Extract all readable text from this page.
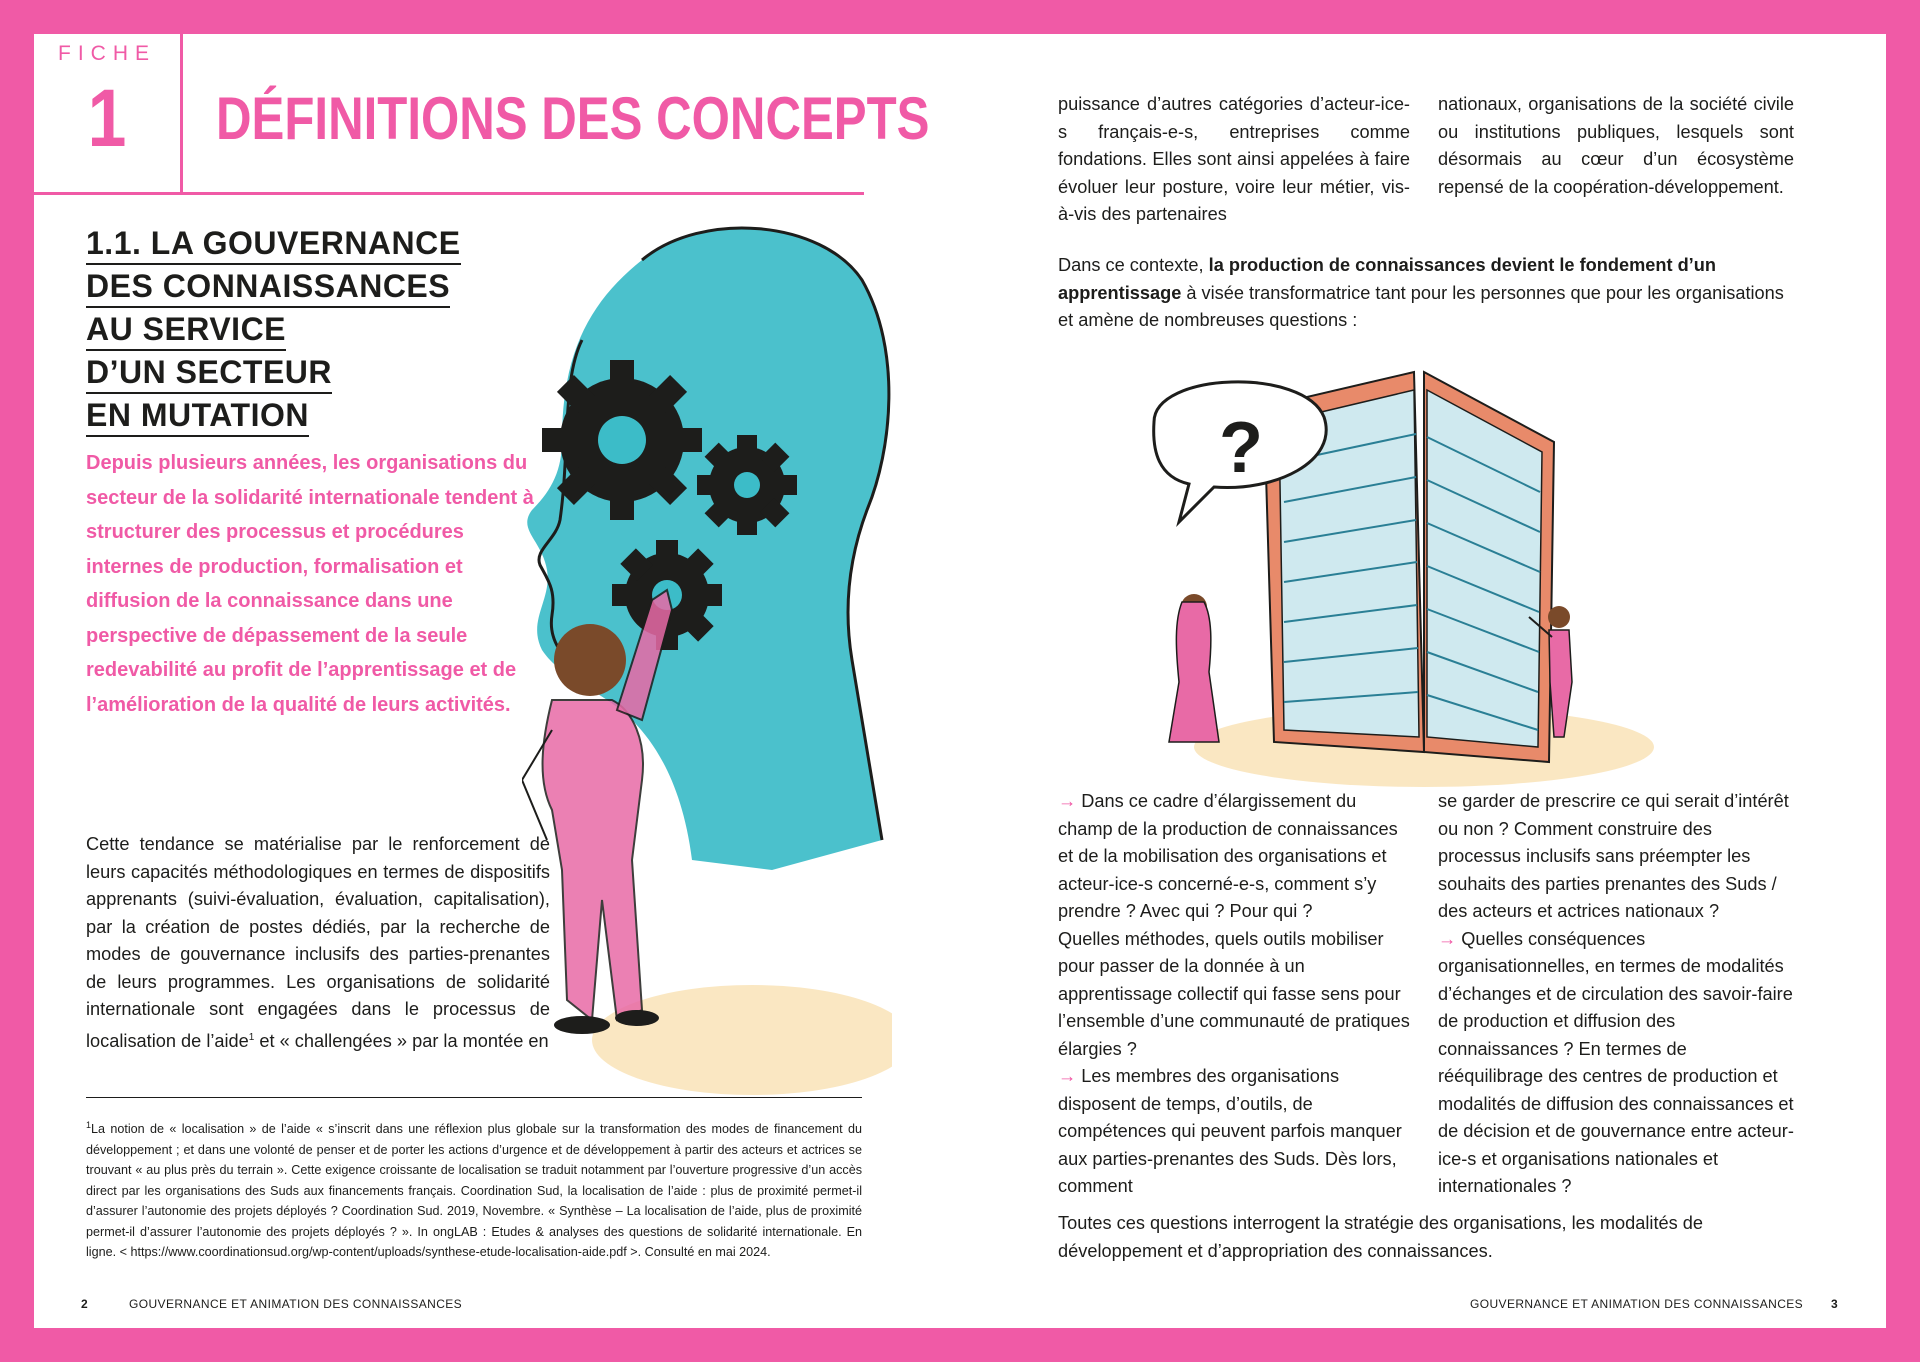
FICHE
1	DÉFINITIONS DES CONCEPTS
1.1. LA GOUVERNANCE
DES CONNAISSANCES
AU SERVICE
D’UN SECTEUR
EN MUTATION
Depuis plusieurs années, les organisations du secteur de la solidarité internationale tendent à structurer des processus et procédures internes de production, formalisation et diffusion de la connaissance dans une perspective de dépassement de la seule redevabilité au profit de l’apprentissage et de l’amélioration de la qualité de leurs activités.
Cette tendance se matérialise par le renforcement de leurs capacités méthodologiques en termes de dispositifs apprenants (suivi-évaluation, évaluation, capitalisation), par la création de postes dédiés, par la recherche de modes de gouvernance inclusifs des parties-prenantes de leurs programmes. Les organisations de solidarité internationale sont engagées dans le processus de localisation de l’aide$^1$ et « challengées » par la montée en
$^1$La notion de « localisation » de l’aide « s’inscrit dans une réflexion plus globale sur la transformation des modes de financement du développement ; et dans une volonté de penser et de porter les actions d’urgence et de développement à partir des acteurs et actrices se trouvant « au plus près du terrain ». Cette exigence croissante de localisation se traduit notamment par l’ouverture progressive d’un accès direct par les organisations des Suds aux financements français. Coordination Sud, la localisation de l’aide : plus de proximité permet-il d’assurer l’autonomie des projets déployés ? Coordination Sud. 2019, Novembre. « Synthèse – La localisation de l’aide, plus de proximité permet-il d’assurer l’autonomie des projets déployés ? ». In ongLAB : Etudes & analyses des questions de solidarité internationale. En ligne. < https://www.coordinationsud.org/wp-content/uploads/synthese-etude-localisation-aide.pdf >. Consulté en mai 2024.
2	GOUVERNANCE ET ANIMATION DES CONNAISSANCES
puissance d’autres catégories d’acteur-ice-s français-e-s, entreprises comme fondations. Elles sont ainsi appelées à faire évoluer leur posture, voire leur métier, vis-à-vis des partenaires
nationaux, organisations de la société civile ou institutions publiques, lesquels sont désormais au cœur d’un écosystème repensé de la coopération-développement.
Dans ce contexte, la production de connaissances devient le fondement d’un apprentissage à visée transformatrice tant pour les personnes que pour les organisations et amène de nombreuses questions :
?
→ Dans ce cadre d’élargissement du champ de la production de connaissances et de la mobilisation des organisations et acteur-ice-s concerné-e-s, comment s’y prendre ? Avec qui ? Pour qui ?
Quelles méthodes, quels outils mobiliser pour passer de la donnée à un apprentissage collectif qui fasse sens pour l’ensemble d’une communauté de pratiques élargies ?
→ Les membres des organisations disposent de temps, d’outils, de compétences qui peuvent parfois manquer aux parties-prenantes des Suds. Dès lors, comment
se garder de prescrire ce qui serait d’intérêt ou non ? Comment construire des processus inclusifs sans préempter les souhaits des parties prenantes des Suds / des acteurs et actrices nationaux ?
→ Quelles conséquences organisationnelles, en termes de modalités d’échanges et de circulation des savoir-faire de production et diffusion des connaissances ? En termes de rééquilibrage des centres de production et modalités de diffusion des connaissances et de décision et de gouvernance entre acteur-ice-s et organisations nationales et internationales ?
Toutes ces questions interrogent la stratégie des organisations, les modalités de développement et d’appropriation des connaissances.
GOUVERNANCE ET ANIMATION DES CONNAISSANCES 3
